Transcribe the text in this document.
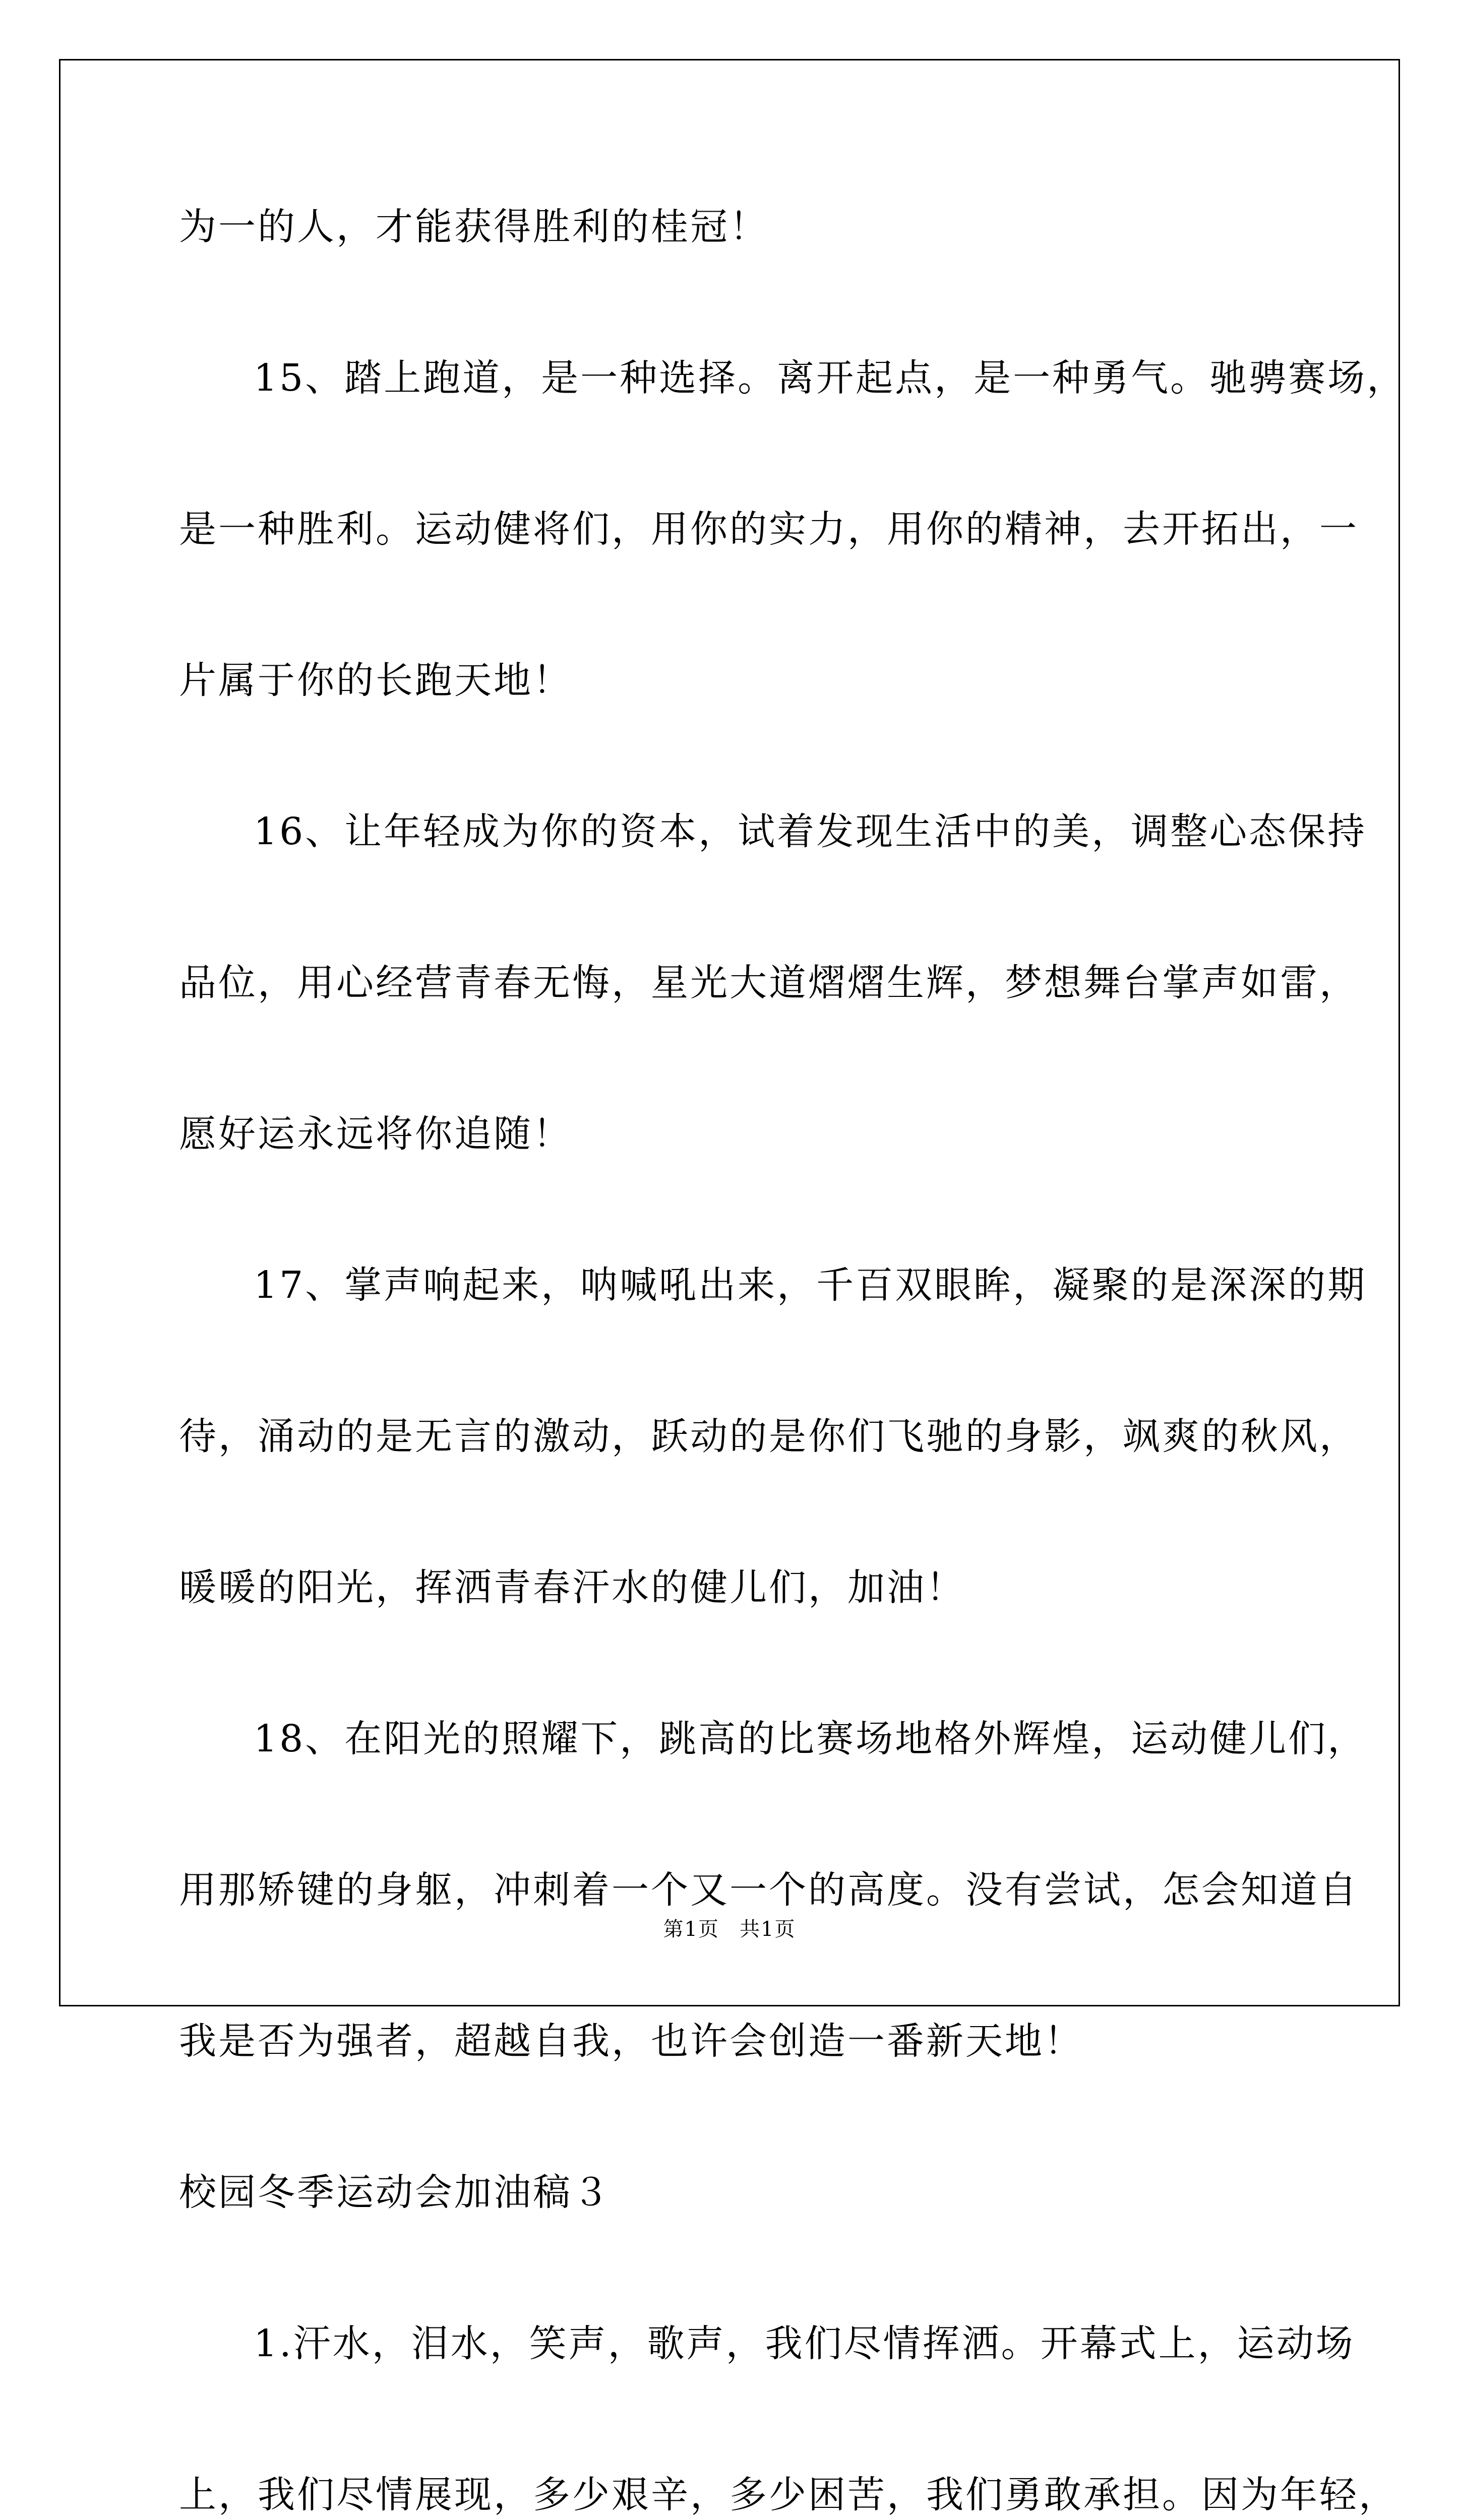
为一的人，才能获得胜利的桂冠！
15、踏上跑道，是一种选择。离开起点，是一种勇气。驰骋赛场，
是一种胜利。运动健将们，用你的实力，用你的精神，去开拓出，一
片属于你的长跑天地！
16、让年轻成为你的资本，试着发现生活中的美，调整心态保持
品位，用心经营青春无悔，星光大道熠熠生辉，梦想舞台掌声如雷，
愿好运永远将你追随！
17、掌声响起来，呐喊吼出来，千百双眼眸，凝聚的是深深的期
待，涌动的是无言的激动，跃动的是你们飞驰的身影，飒爽的秋风，
暖暖的阳光，挥洒青春汗水的健儿们，加油！
18、在阳光的照耀下，跳高的比赛场地格外辉煌，运动健儿们，
用那矫键的身躯，冲刺着一个又一个的高度。没有尝试，怎会知道自
我是否为强者，超越自我，也许会创造一番新天地！
校园冬季运动会加油稿３
1.汗水，泪水，笑声，歌声，我们尽情挥洒。开幕式上，运动场
上，我们尽情展现，多少艰辛，多少困苦，我们勇敢承担。因为年轻，
第1页 共1页
